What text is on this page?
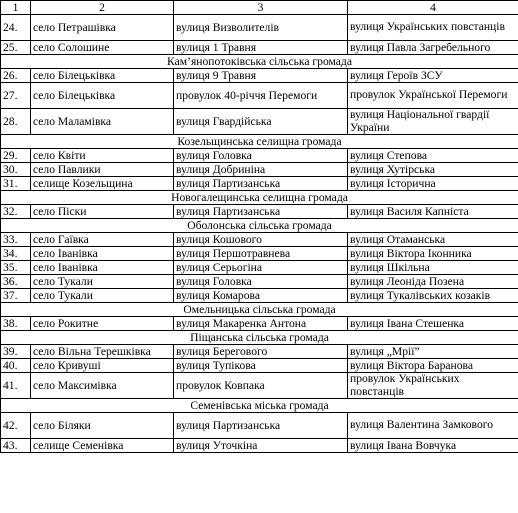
1	2	3	4
24.	село Петрашівка	вулиця Визволителів	вулиця Українських повстанців
25.	село Солошине	вулиця 1 Травня	вулиця Павла Загребельного
Кам’янопотоківська сільська громада			
26.	село Білецьківка	вулиця 9 Травня	вулиця Героїв ЗСУ
27.	село Білецьківка	провулок 40-річчя Перемоги	провулок Української Перемоги
28.	село Маламівка	вулиця Гвардійська	вулиця Національної гвардії України
Козельщинська селищна громада			
29.	село Квіти	вулиця Головка	вулиця Степова
30.	село Павлики	вулиця Добриніна	вулиця Хутірська
31.	селище Козельщина	вулиця Партизанська	вулиця Історична
Новогалещинська селищна громада			
32.	село Піски	вулиця Партизанська	вулиця Василя Капніста
Оболонська сільська громада			
33.	село Гаївка	вулиця Кошового	вулиця Отаманська
34.	село Іванівка	вулиця Першотравнева	вулиця Віктора Іконника
35.	село Іванівка	вулиця Серьогіна	вулиця Шкільна
36.	село Тукали	вулиця Головка	вулиця Леоніда Позена
37.	село Тукали	вулиця Комарова	вулиця Тукалівських козаків
Омельницька сільська громада			
38.	село Рокитне	вулиця Макаренка Антона	вулиця Івана Стешенка
Піщанська сільська громада			
39.	село Вільна Терешківка	вулиця Берегового	вулиця „Мрії”
40.	село Кривуші	вулиця Тупікова	вулиця Віктора Баранова
41.	село Максимівка	провулок Ковпака	провулок Українських повстанців
Семенівська міська громада			
42.	село Біляки	вулиця Партизанська	вулиця Валентина Замкового
43.	селище Семенівка	вулиця Уточкіна	вулиця Івана Вовчука
